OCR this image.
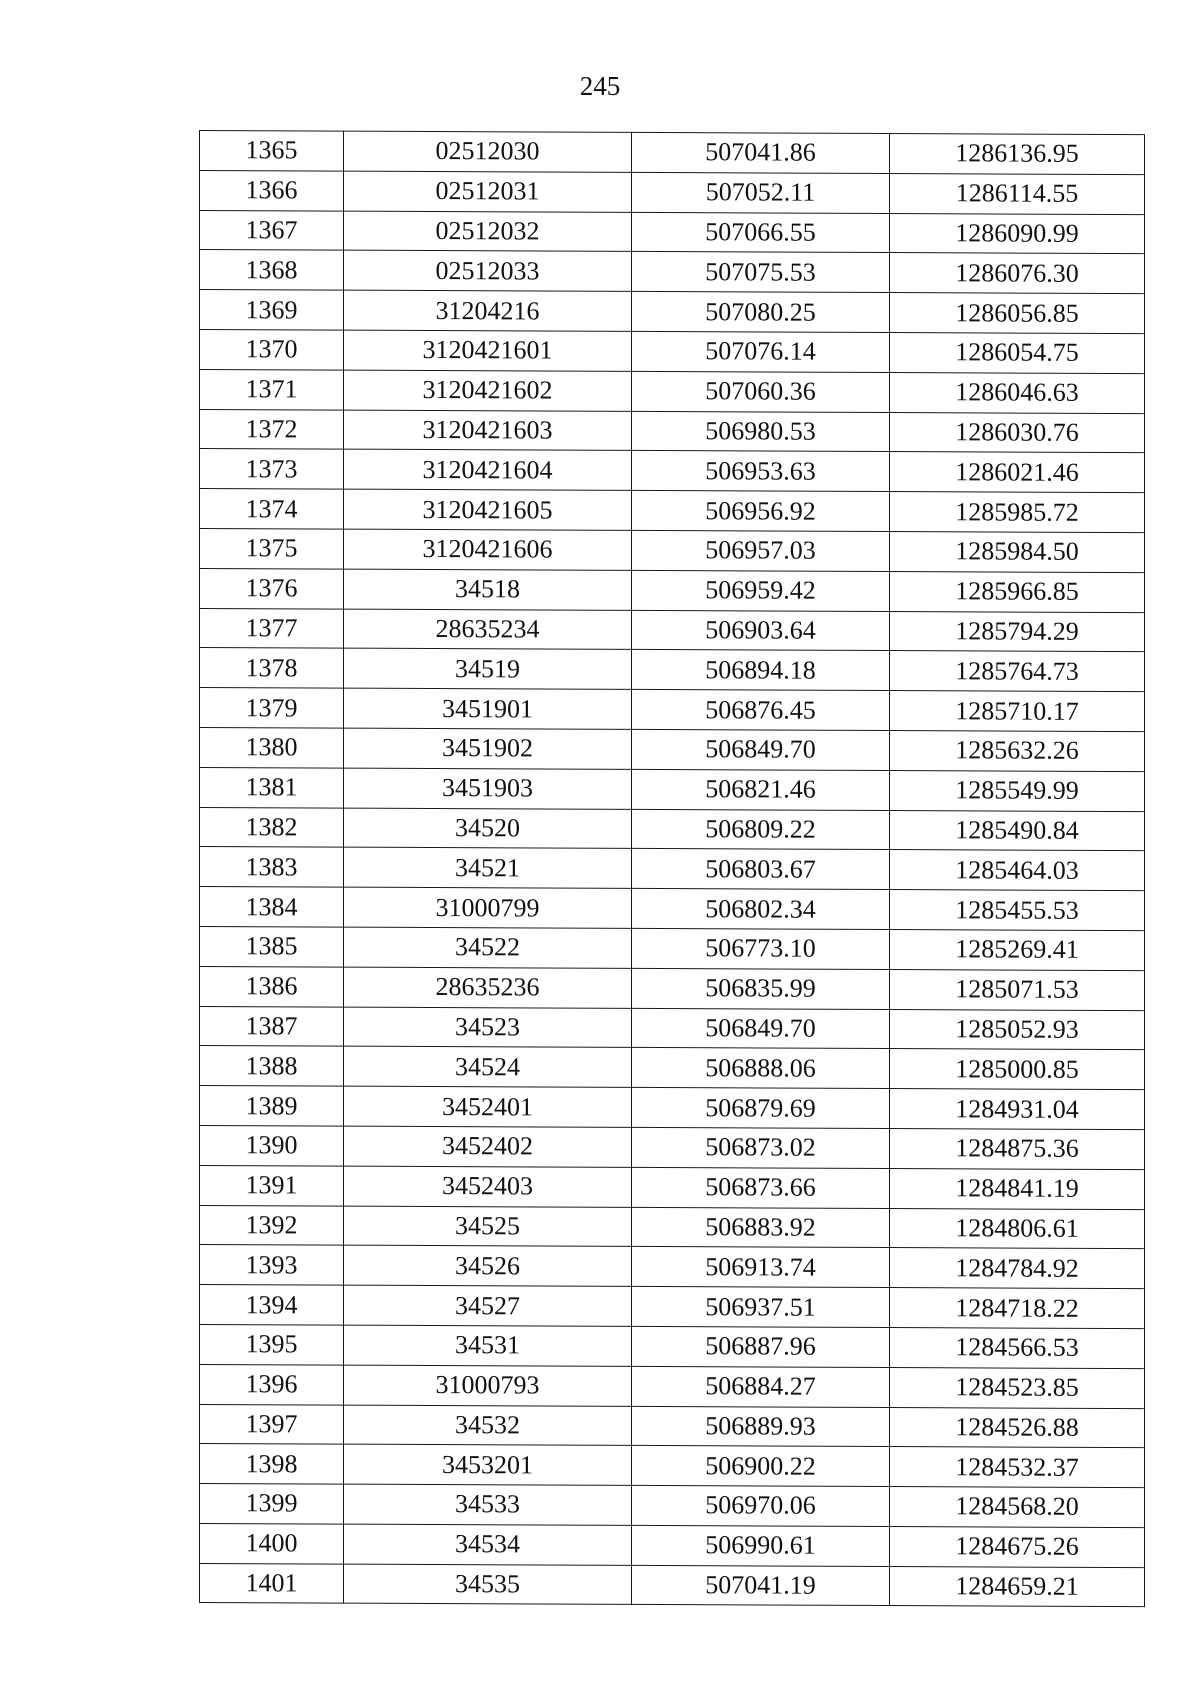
245
1365	02512030	507041.86	1286136.95
1366	02512031	507052.11	1286114.55
1367	02512032	507066.55	1286090.99
1368	02512033	507075.53	1286076.30
1369	31204216	507080.25	1286056.85
1370	3120421601	507076.14	1286054.75
1371	3120421602	507060.36	1286046.63
1372	3120421603	506980.53	1286030.76
1373	3120421604	506953.63	1286021.46
1374	3120421605	506956.92	1285985.72
1375	3120421606	506957.03	1285984.50
1376	34518	506959.42	1285966.85
1377	28635234	506903.64	1285794.29
1378	34519	506894.18	1285764.73
1379	3451901	506876.45	1285710.17
1380	3451902	506849.70	1285632.26
1381	3451903	506821.46	1285549.99
1382	34520	506809.22	1285490.84
1383	34521	506803.67	1285464.03
1384	31000799	506802.34	1285455.53
1385	34522	506773.10	1285269.41
1386	28635236	506835.99	1285071.53
1387	34523	506849.70	1285052.93
1388	34524	506888.06	1285000.85
1389	3452401	506879.69	1284931.04
1390	3452402	506873.02	1284875.36
1391	3452403	506873.66	1284841.19
1392	34525	506883.92	1284806.61
1393	34526	506913.74	1284784.92
1394	34527	506937.51	1284718.22
1395	34531	506887.96	1284566.53
1396	31000793	506884.27	1284523.85
1397	34532	506889.93	1284526.88
1398	3453201	506900.22	1284532.37
1399	34533	506970.06	1284568.20
1400	34534	506990.61	1284675.26
1401	34535	507041.19	1284659.21
